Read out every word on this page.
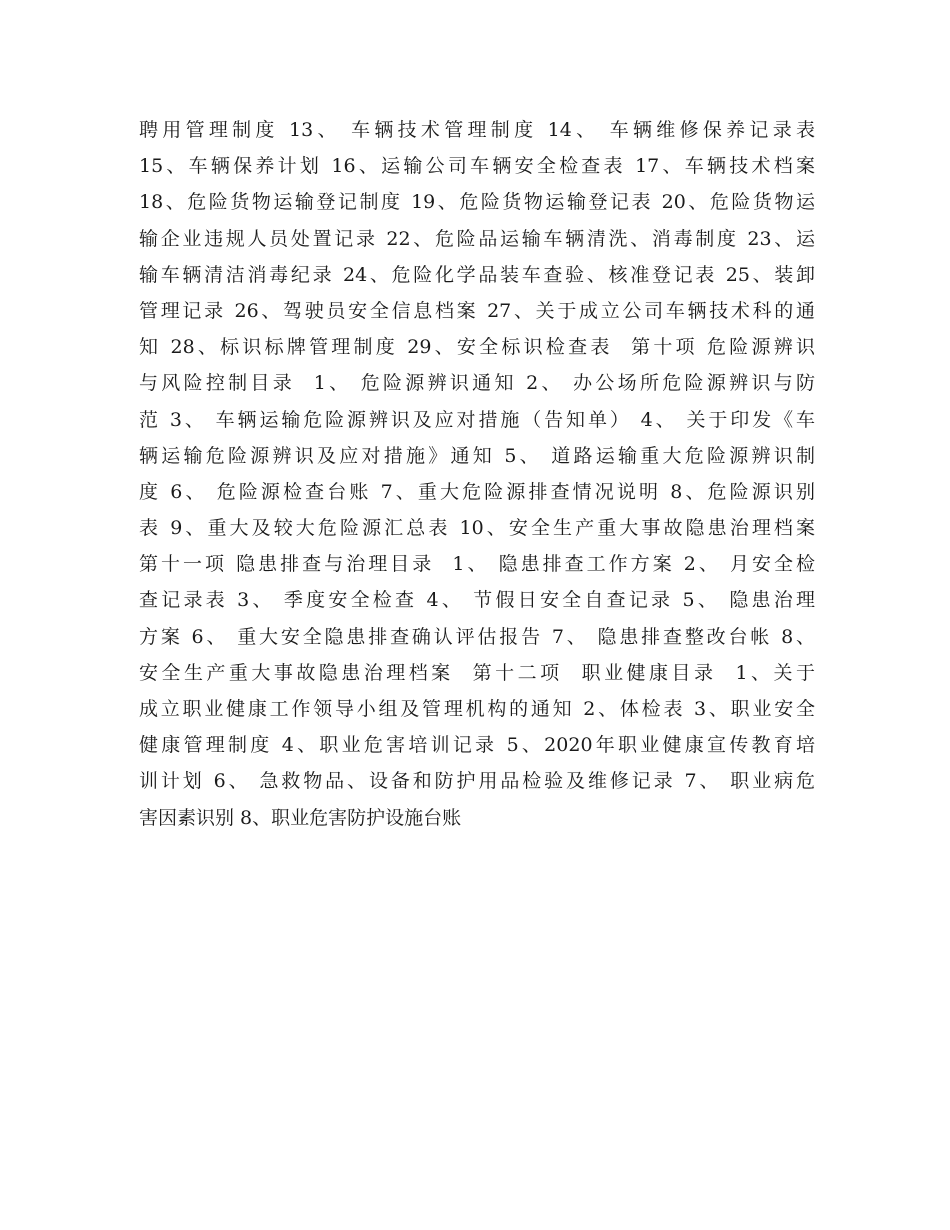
聘用管理制度 13、 车辆技术管理制度 14、 车辆维修保养记录表
15、车辆保养计划 16、运输公司车辆安全检查表 17、车辆技术档案
18、危险货物运输登记制度 19、危险货物运输登记表 20、危险货物运
输企业违规人员处置记录 22、危险品运输车辆清洗、消毒制度 23、运
输车辆清洁消毒纪录 24、危险化学品装车查验、核准登记表 25、装卸
管理记录 26、驾驶员安全信息档案 27、关于成立公司车辆技术科的通
知 28、标识标牌管理制度 29、安全标识检查表  第十项 危险源辨识
与风险控制目录  1、 危险源辨识通知 2、 办公场所危险源辨识与防
范 3、 车辆运输危险源辨识及应对措施（告知单） 4、 关于印发《车
辆运输危险源辨识及应对措施》通知 5、 道路运输重大危险源辨识制
度 6、 危险源检查台账 7、重大危险源排查情况说明 8、危险源识别
表 9、重大及较大危险源汇总表 10、安全生产重大事故隐患治理档案
第十一项 隐患排查与治理目录  1、 隐患排查工作方案 2、 月安全检
查记录表 3、 季度安全检查 4、 节假日安全自查记录 5、 隐患治理
方案 6、 重大安全隐患排查确认评估报告 7、 隐患排查整改台帐 8、
安全生产重大事故隐患治理档案  第十二项  职业健康目录  1、关于
成立职业健康工作领导小组及管理机构的通知 2、体检表 3、职业安全
健康管理制度 4、职业危害培训记录 5、2020年职业健康宣传教育培
训计划 6、 急救物品、设备和防护用品检验及维修记录 7、 职业病危
害因素识别 8、职业危害防护设施台账
